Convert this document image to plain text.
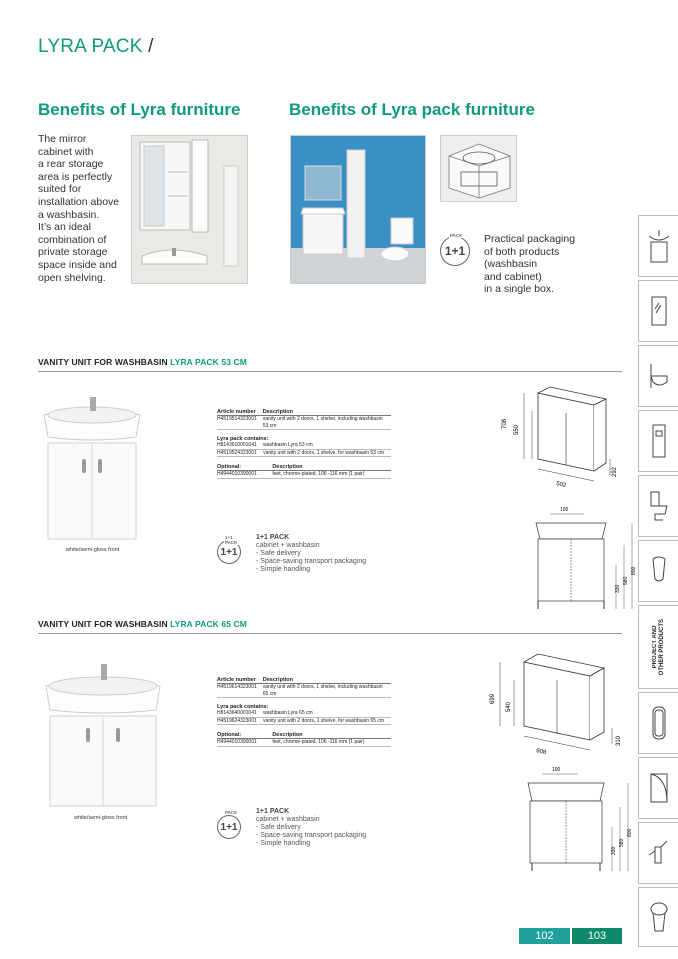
LYRA PACK /
Benefits of Lyra furniture
The mirror
cabinet with
a rear storage
area is perfectly
suited for
installation above
a washbasin.
It’s an ideal
combination of
private storage
space inside and
open shelving.
Benefits of Lyra pack furniture
PACK
1+1
Practical packaging
of both products
(washbasin
and cabinet)
in a single box.
VANITY UNIT FOR WASHBASIN LYRA PACK 53 CM
white/semi-gloss front
Article number	Description
H4519514323001	vanity unit with 2 doors, 1 shelve, including washbasin 53 cm
Lyra pack contains:
H8143610001041	washbasin Lyra 53 cm
H4519524323001	vanity unit with 2 doors, 1 shelve, for washbasin 53 cm
Optional:	Description
H4944010390001	feet, chrome-plated, 106 -116 mm (1 pair)
1+1 PACK
1+1
1+1 PACK
cabinet + washbasin
- Safe delivery
- Space-saving transport packaging
- Simple handling
708
550
502
292
100
330
580
800
VANITY UNIT FOR WASHBASIN LYRA PACK 65 CM
white/semi-gloss front
Article number	Description
H4519614323001	vanity unit with 2 doors, 1 shelve, including washbasin 65 cm
Lyra pack contains:
H8143640001041	washbasin Lyra 65 cm
H4519624323001	vanity unit with 2 doors, 1 shelve, for washbasin 65 cm
Optional:	Description
H4944010390001	feet, chrome-plated, 106 -116 mm (1 pair)
PACK
1+1
1+1 PACK
cabinet + washbasin
- Safe delivery
- Space-saving transport packaging
- Simple handling
699
540
608
310
100
330
580
800
PROJECT AND OTHER PRODUCTS
102	103
